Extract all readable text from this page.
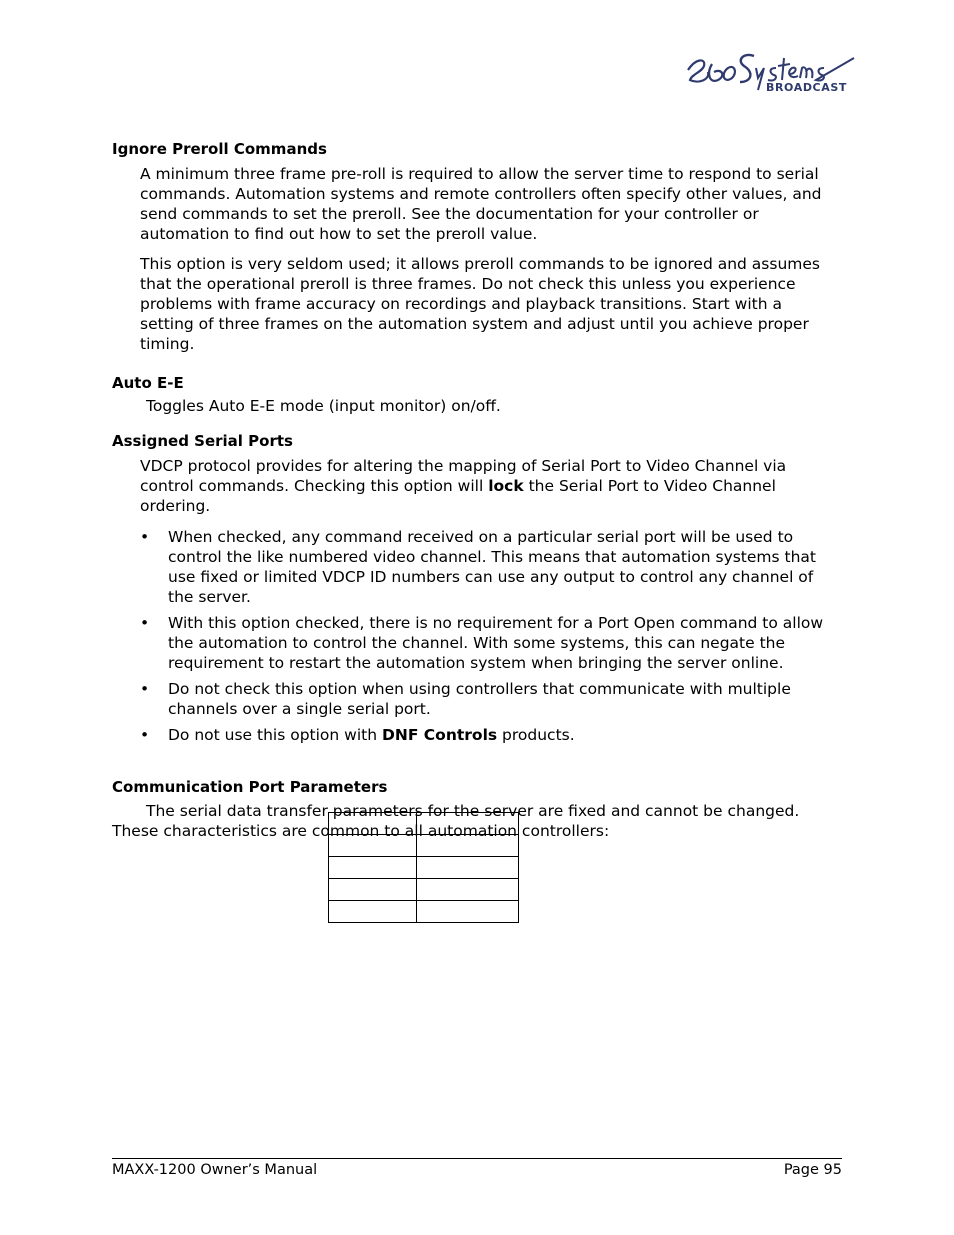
BROADCAST
Ignore Preroll Commands

A minimum three frame pre-roll is required to allow the server time to respond to serial commands. Automation systems and remote controllers often specify other values, and send commands to set the preroll. See the documentation for your controller or automation to find out how to set the preroll value.

This option is very seldom used; it allows preroll commands to be ignored and assumes that the operational preroll is three frames. Do not check this unless you experience problems with frame accuracy on recordings and playback transitions. Start with a setting of three frames on the automation system and adjust until you achieve proper timing.

Auto E-E

Toggles Auto E-E mode (input monitor) on/off.

Assigned Serial Ports

VDCP protocol provides for altering the mapping of Serial Port to Video Channel via control commands. Checking this option will lock the Serial Port to Video Channel ordering.

• When checked, any command received on a particular serial port will be used to control the like numbered video channel. This means that automation systems that use fixed or limited VDCP ID numbers can use any output to control any channel of the server.
• With this option checked, there is no requirement for a Port Open command to allow the automation to control the channel. With some systems, this can negate the requirement to restart the automation system when bringing the server online.
• Do not check this option when using controllers that communicate with multiple channels over a single serial port.
• Do not use this option with DNF Controls products.
Communication Port Parameters

The serial data transfer parameters for the server are fixed and cannot be changed. These characteristics are common to all automation controllers:

MAXX-1200 Owner’s Manual	Page 95
